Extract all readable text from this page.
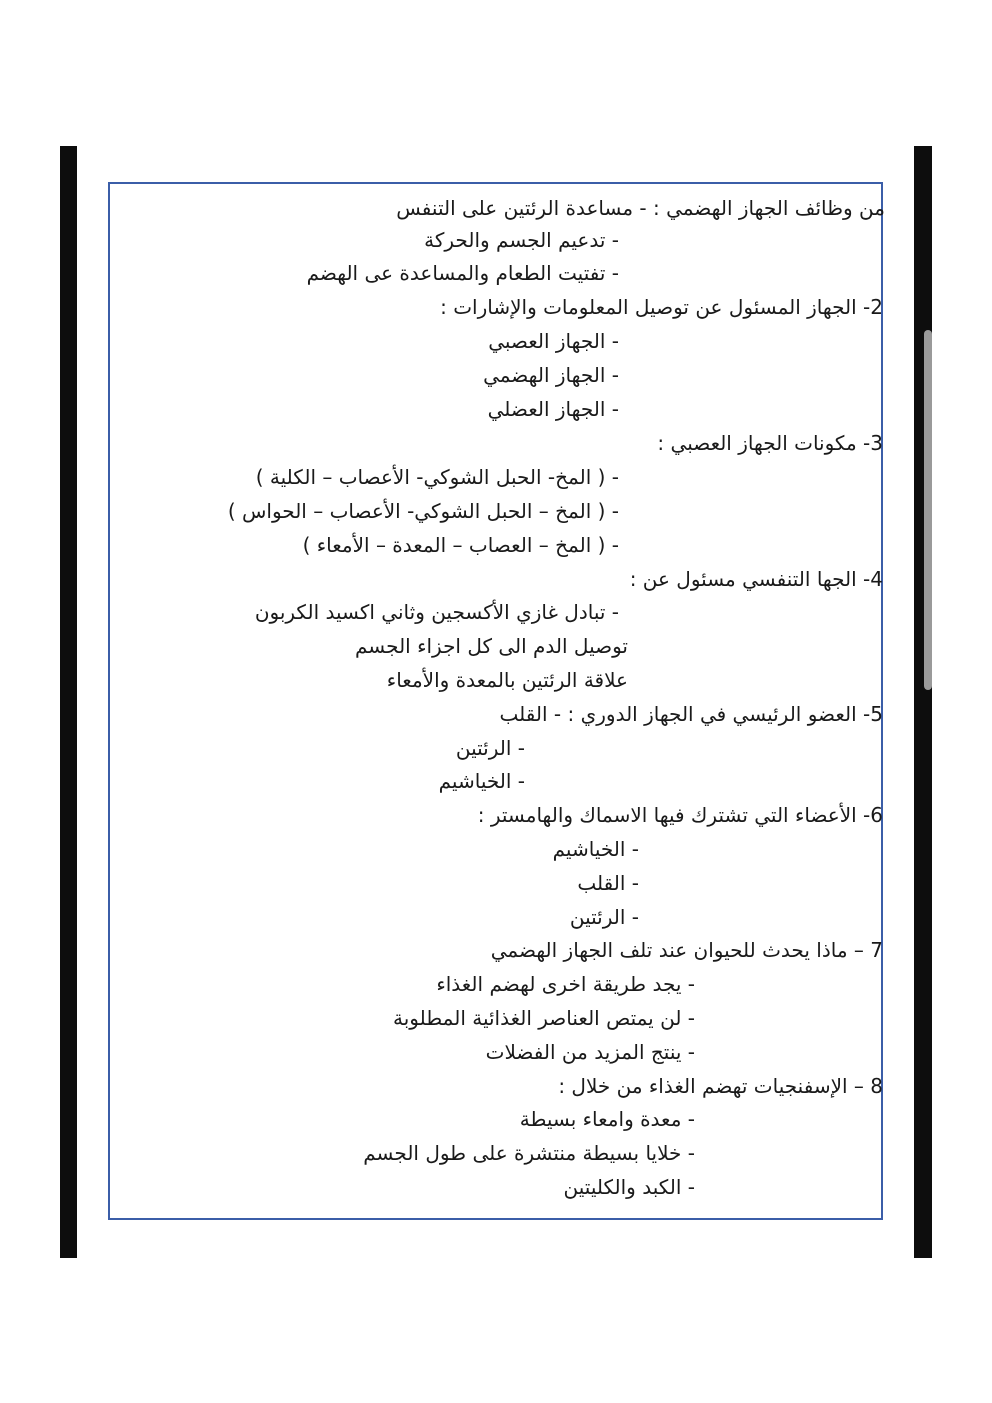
من وظائف الجهاز الهضمي : - مساعدة الرئتين على التنفس
- تدعيم الجسم والحركة
- تفتيت الطعام والمساعدة عى الهضم
2- الجهاز المسئول عن توصيل المعلومات والإشارات :
- الجهاز العصبي
- الجهاز الهضمي
- الجهاز العضلي
3- مكونات الجهاز العصبي :
- ( المخ- الحبل الشوكي- الأعصاب – الكلية )
- ( المخ – الحبل الشوكي- الأعصاب – الحواس )
- ( المخ – العصاب – المعدة – الأمعاء )
4- الجها التنفسي مسئول عن :
- تبادل غازي الأكسجين وثاني اكسيد الكربون
توصيل الدم الى كل اجزاء الجسم
علاقة الرئتين بالمعدة والأمعاء
5- العضو الرئيسي في الجهاز الدوري : - القلب
- الرئتين
- الخياشيم
6- الأعضاء التي تشترك فيها الاسماك والهامستر :
- الخياشيم
- القلب
- الرئتين
7 – ماذا يحدث للحيوان عند تلف الجهاز الهضمي
- يجد طريقة اخرى لهضم الغذاء
- لن يمتص العناصر الغذائية المطلوبة
- ينتج المزيد من الفضلات
8 – الإسفنجيات تهضم الغذاء من خلال :
- معدة وامعاء بسيطة
- خلايا بسيطة منتشرة على طول الجسم
- الكبد والكليتين
